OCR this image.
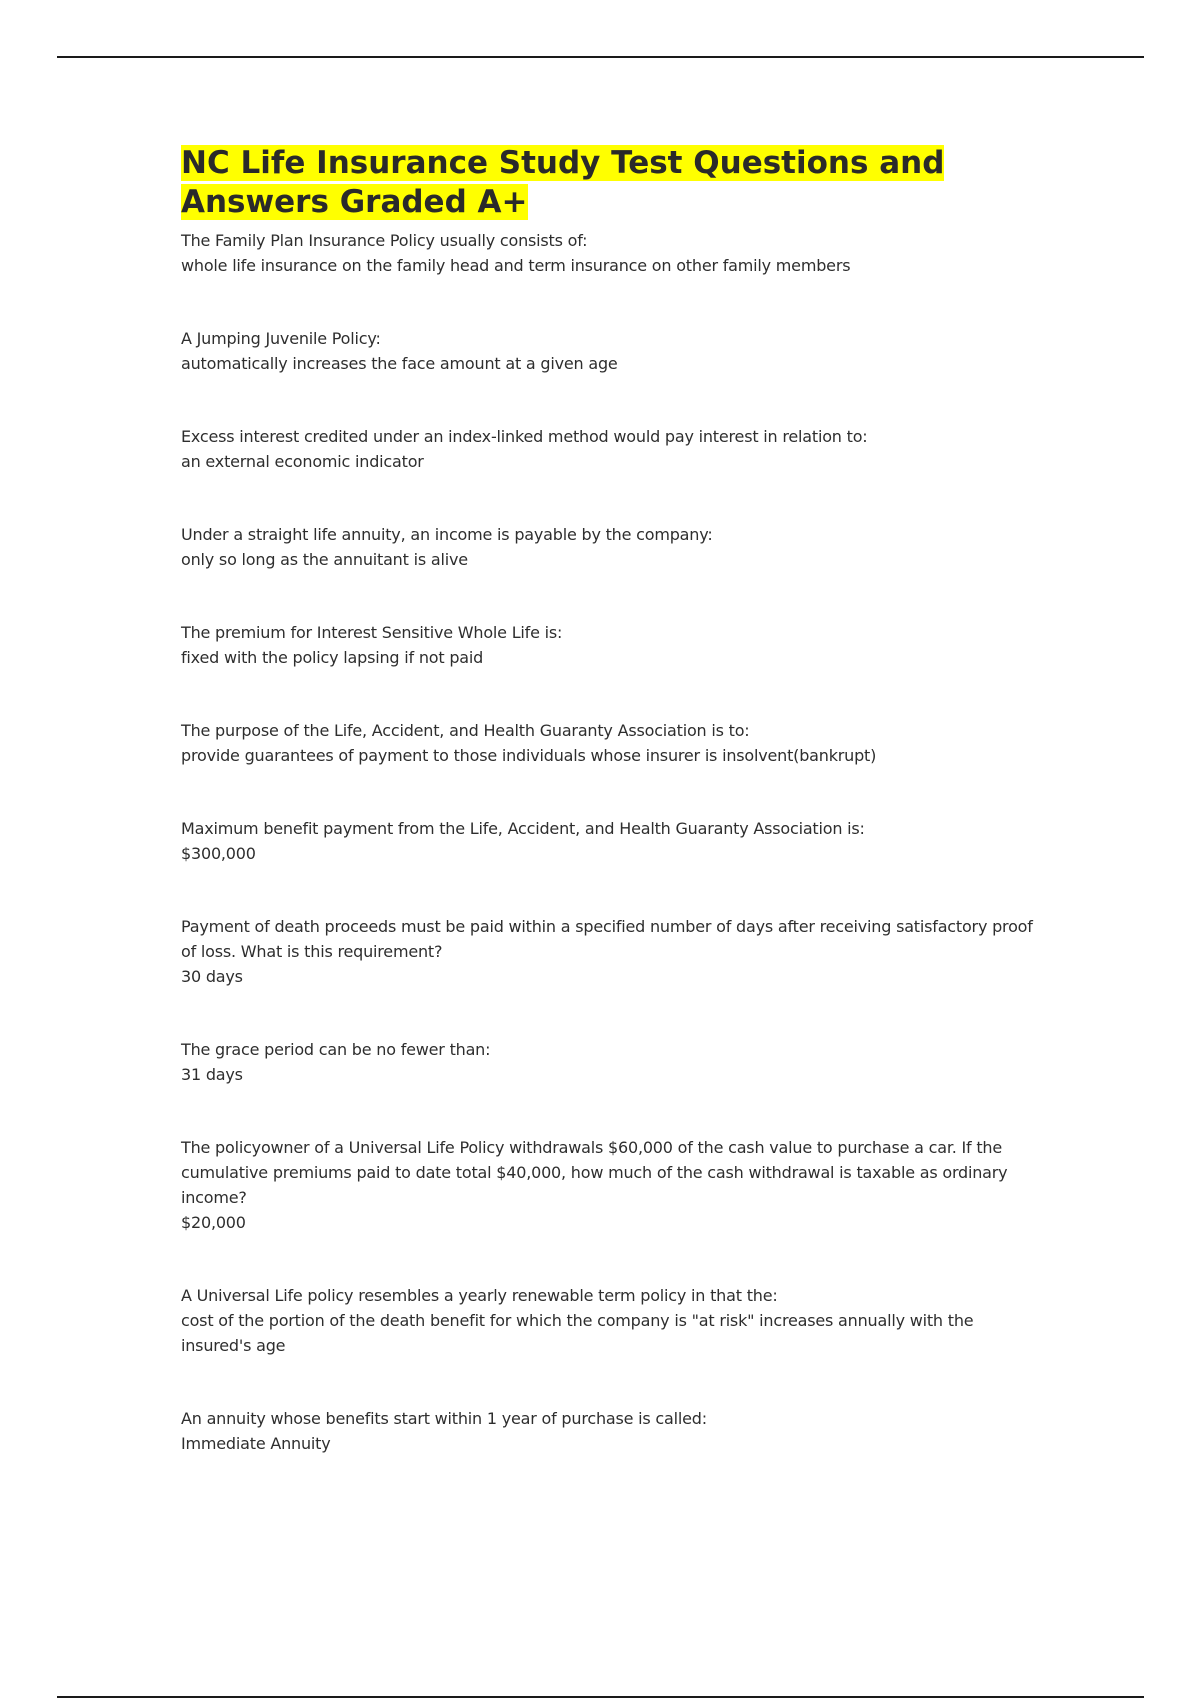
NC Life Insurance Study Test Questions and Answers Graded A+

The Family Plan Insurance Policy usually consists of:

whole life insurance on the family head and term insurance on other family members

A Jumping Juvenile Policy:

automatically increases the face amount at a given age

Excess interest credited under an index-linked method would pay interest in relation to:

an external economic indicator

Under a straight life annuity, an income is payable by the company:

only so long as the annuitant is alive

The premium for Interest Sensitive Whole Life is:

fixed with the policy lapsing if not paid

The purpose of the Life, Accident, and Health Guaranty Association is to:

provide guarantees of payment to those individuals whose insurer is insolvent(bankrupt)

Maximum benefit payment from the Life, Accident, and Health Guaranty Association is:

$300,000

Payment of death proceeds must be paid within a specified number of days after receiving satisfactory proof of loss. What is this requirement?

30 days

The grace period can be no fewer than:

31 days

The policyowner of a Universal Life Policy withdrawals $60,000 of the cash value to purchase a car. If the cumulative premiums paid to date total $40,000, how much of the cash withdrawal is taxable as ordinary income?

$20,000

A Universal Life policy resembles a yearly renewable term policy in that the:

cost of the portion of the death benefit for which the company is "at risk" increases annually with the insured's age

An annuity whose benefits start within 1 year of purchase is called:

Immediate Annuity
